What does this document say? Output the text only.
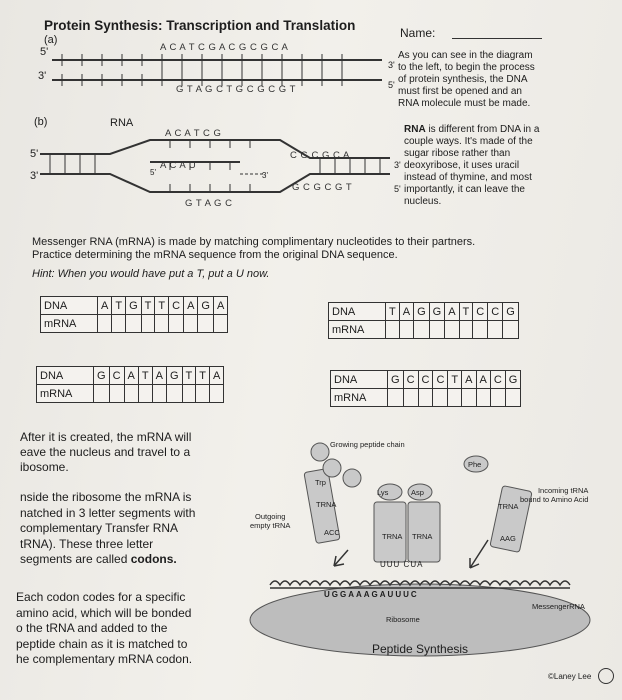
Protein Synthesis: Transcription and Translation	Name:
(a)
5'
3'
A C A T C G A C G C G C A
G T A G C T G C G C G T
3'
5'
As you can see in the diagram
to the left, to begin the process
of protein synthesis, the DNA
must first be opened and an
RNA molecule must be made.
(b)	RNA
5'
3'
A C A T C G
C G C G C A
A C A U
5'	3'
G C G C G T
G T A G C
3'
5'
RNA is different from DNA in a
couple ways. It's made of the
sugar ribose rather than
deoxyribose, it uses uracil
instead of thymine, and most
importantly, it can leave the
nucleus.
Messenger RNA (mRNA) is made by matching complimentary nucleotides to their partners.
Practice determining the mRNA sequence from the original DNA sequence.
Hint: When you would have put a T, put a U now.
DNA	A	T	G	T	T	C	A	G	A
mRNA									
DNA	T	A	G	G	A	T	C	C	G
mRNA									
DNA	G	C	A	T	A	G	T	T	A
mRNA									
DNA	G	C	C	C	T	A	A	C	G
mRNA									
After it is created, the mRNA will
eave the nucleus and travel to a
ibosome.
nside the ribosome the mRNA is
natched in 3 letter segments with
complementary Transfer RNA
tRNA). These three letter
segments are called codons.
Each codon codes for a specific
amino acid, which will be bonded
o the tRNA and added to the
peptide chain as it is matched to
he complementary mRNA codon.
Growing peptide chain
Trp
Lys	Asp
Phe
Outgoing
empty tRNA
Incoming tRNA
bound to Amino Acid
TRNA
TRNA TRNA
TRNA
ACC
AAG
UUU CUA
UGGAAAGAUUUC
MessengerRNA
Ribosome
Peptide Synthesis
©Laney Lee
